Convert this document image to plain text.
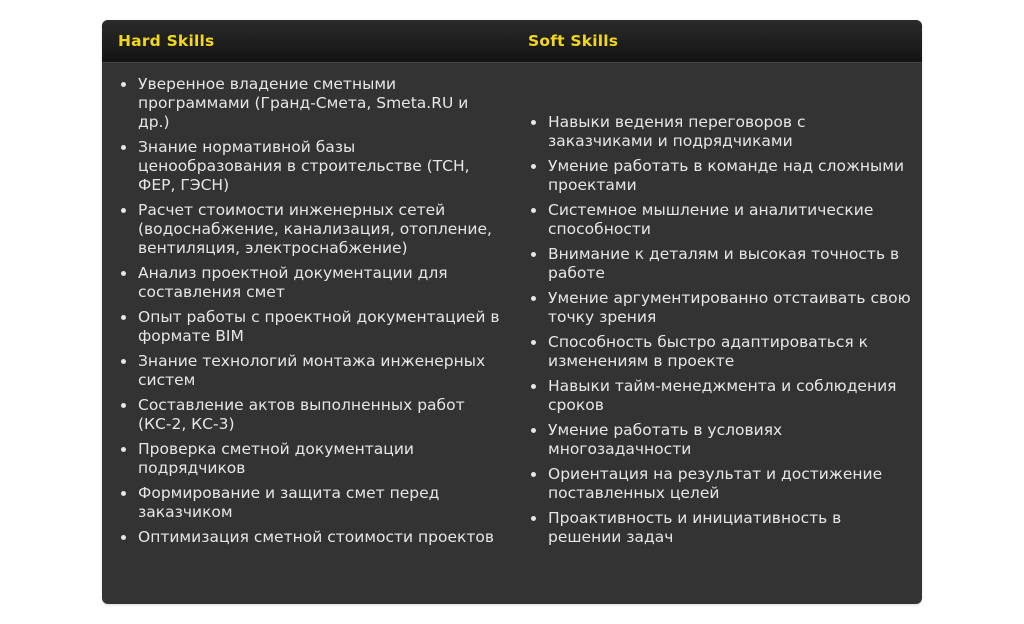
Hard Skills	Soft Skills
Уверенное владение сметными программами (Гранд-Смета, Smeta.RU и др.)
Знание нормативной базы ценообразования в строительстве (ТСН, ФЕР, ГЭСН)
Расчет стоимости инженерных сетей (водоснабжение, канализация, отопление, вентиляция, электроснабжение)
Анализ проектной документации для составления смет
Опыт работы с проектной документацией в формате BIM
Знание технологий монтажа инженерных систем
Составление актов выполненных работ (КС-2, КС-3)
Проверка сметной документации подрядчиков
Формирование и защита смет перед заказчиком
Оптимизация сметной стоимости проектов
Навыки ведения переговоров с заказчиками и подрядчиками
Умение работать в команде над сложными проектами
Системное мышление и аналитические способности
Внимание к деталям и высокая точность в работе
Умение аргументированно отстаивать свою точку зрения
Способность быстро адаптироваться к изменениям в проекте
Навыки тайм-менеджмента и соблюдения сроков
Умение работать в условиях многозадачности
Ориентация на результат и достижение поставленных целей
Проактивность и инициативность в решении задач
